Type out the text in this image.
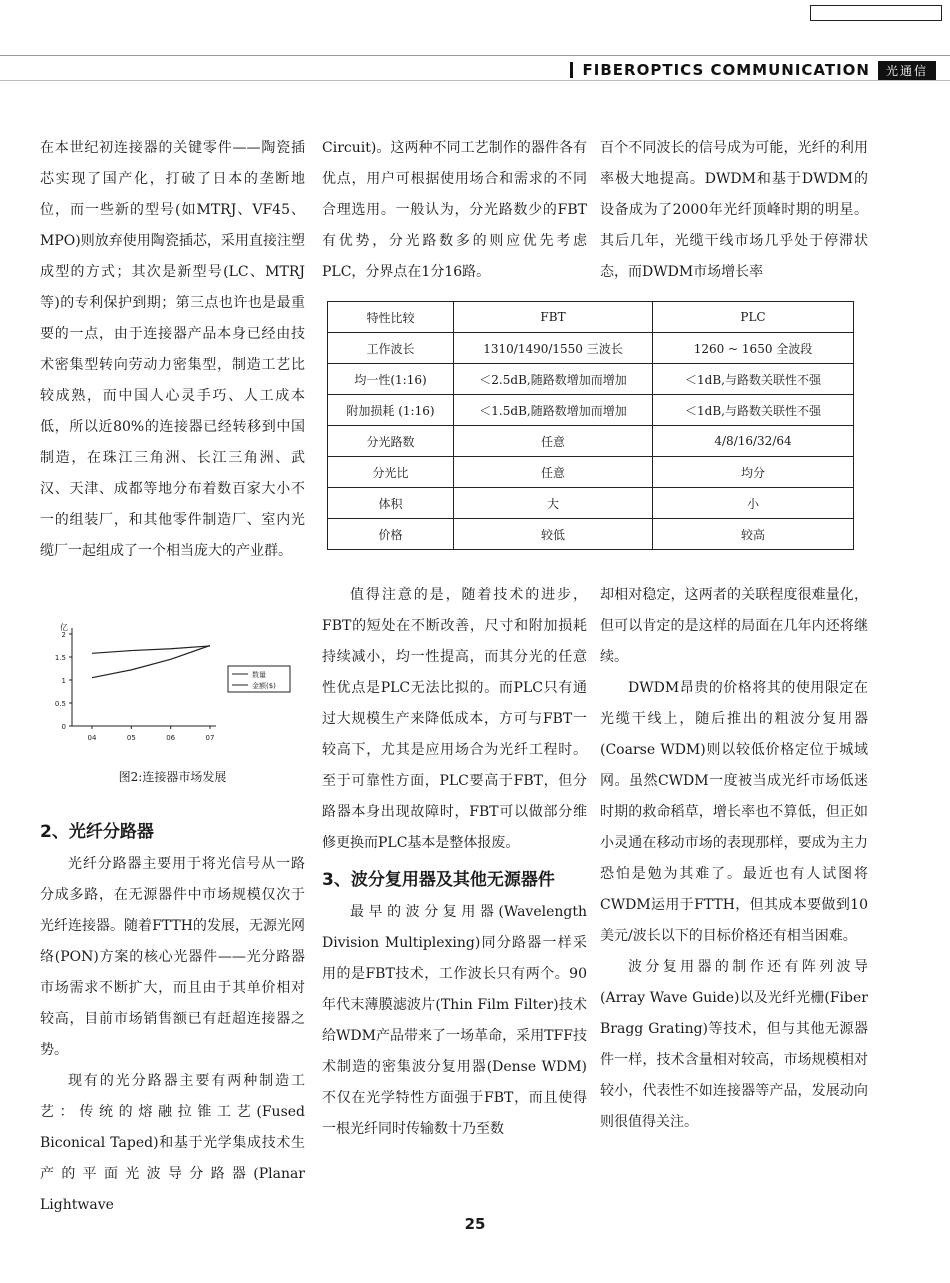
FIBEROPTICS COMMUNICATION	光通信

在本世纪初连接器的关键零件——陶瓷插芯实现了国产化，打破了日本的垄断地位，而一些新的型号(如MTRJ、VF45、MPO)则放弃使用陶瓷插芯，采用直接注塑成型的方式；其次是新型号(LC、MTRJ等)的专利保护到期；第三点也许也是最重要的一点，由于连接器产品本身已经由技术密集型转向劳动力密集型，制造工艺比较成熟，而中国人心灵手巧、人工成本低，所以近80%的连接器已经转移到中国制造，在珠江三角洲、长江三角洲、武汉、天津、成都等地分布着数百家大小不一的组装厂，和其他零件制造厂、室内光缆厂一起组成了一个相当庞大的产业群。

亿
0
0.5
1
1.5
2
04	05	06	07
数量
金额($)
图2:连接器市场发展
2、光纤分路器

光纤分路器主要用于将光信号从一路分成多路，在无源器件中市场规模仅次于光纤连接器。随着FTTH的发展，无源光网络(PON)方案的核心光器件——光分路器市场需求不断扩大，而且由于其单价相对较高，目前市场销售额已有赶超连接器之势。

现有的光分路器主要有两种制造工艺：传统的熔融拉锥工艺(Fused Biconical Taped)和基于光学集成技术生产的平面光波导分路器(Planar Lightwave

Circuit)。这两种不同工艺制作的器件各有优点，用户可根据使用场合和需求的不同合理选用。一般认为，分光路数少的FBT有优势，分光路数多的则应优先考虑PLC，分界点在1分16路。

特性比较	FBT	PLC
工作波长	1310/1490/1550 三波长	1260 ~ 1650 全波段
均一性(1:16)	＜2.5dB,随路数增加而增加	＜1dB,与路数关联性不强
附加损耗 (1:16)	＜1.5dB,随路数增加而增加	＜1dB,与路数关联性不强
分光路数	任意	4/8/16/32/64
分光比	任意	均分
体积	大	小
价格	较低	较高

值得注意的是，随着技术的进步，FBT的短处在不断改善，尺寸和附加损耗持续减小，均一性提高，而其分光的任意性优点是PLC无法比拟的。而PLC只有通过大规模生产来降低成本，方可与FBT一较高下，尤其是应用场合为光纤工程时。至于可靠性方面，PLC要高于FBT，但分路器本身出现故障时，FBT可以做部分维修更换而PLC基本是整体报废。

3、波分复用器及其他无源器件

最早的波分复用器(Wavelength Division Multiplexing)同分路器一样采用的是FBT技术，工作波长只有两个。90年代末薄膜滤波片(Thin Film Filter)技术给WDM产品带来了一场革命，采用TFF技术制造的密集波分复用器(Dense WDM)不仅在光学特性方面强于FBT，而且使得一根光纤同时传输数十乃至数

百个不同波长的信号成为可能，光纤的利用率极大地提高。DWDM和基于DWDM的设备成为了2000年光纤顶峰时期的明星。其后几年，光缆干线市场几乎处于停滞状态，而DWDM市场增长率

却相对稳定，这两者的关联程度很难量化，但可以肯定的是这样的局面在几年内还将继续。

DWDM昂贵的价格将其的使用限定在光缆干线上，随后推出的粗波分复用器(Coarse WDM)则以较低价格定位于城域网。虽然CWDM一度被当成光纤市场低迷时期的救命稻草，增长率也不算低，但正如小灵通在移动市场的表现那样，要成为主力恐怕是勉为其难了。最近也有人试图将CWDM运用于FTTH，但其成本要做到10美元/波长以下的目标价格还有相当困难。

波分复用器的制作还有阵列波导(Array Wave Guide)以及光纤光栅(Fiber Bragg Grating)等技术，但与其他无源器件一样，技术含量相对较高，市场规模相对较小，代表性不如连接器等产品，发展动向则很值得关注。

25
